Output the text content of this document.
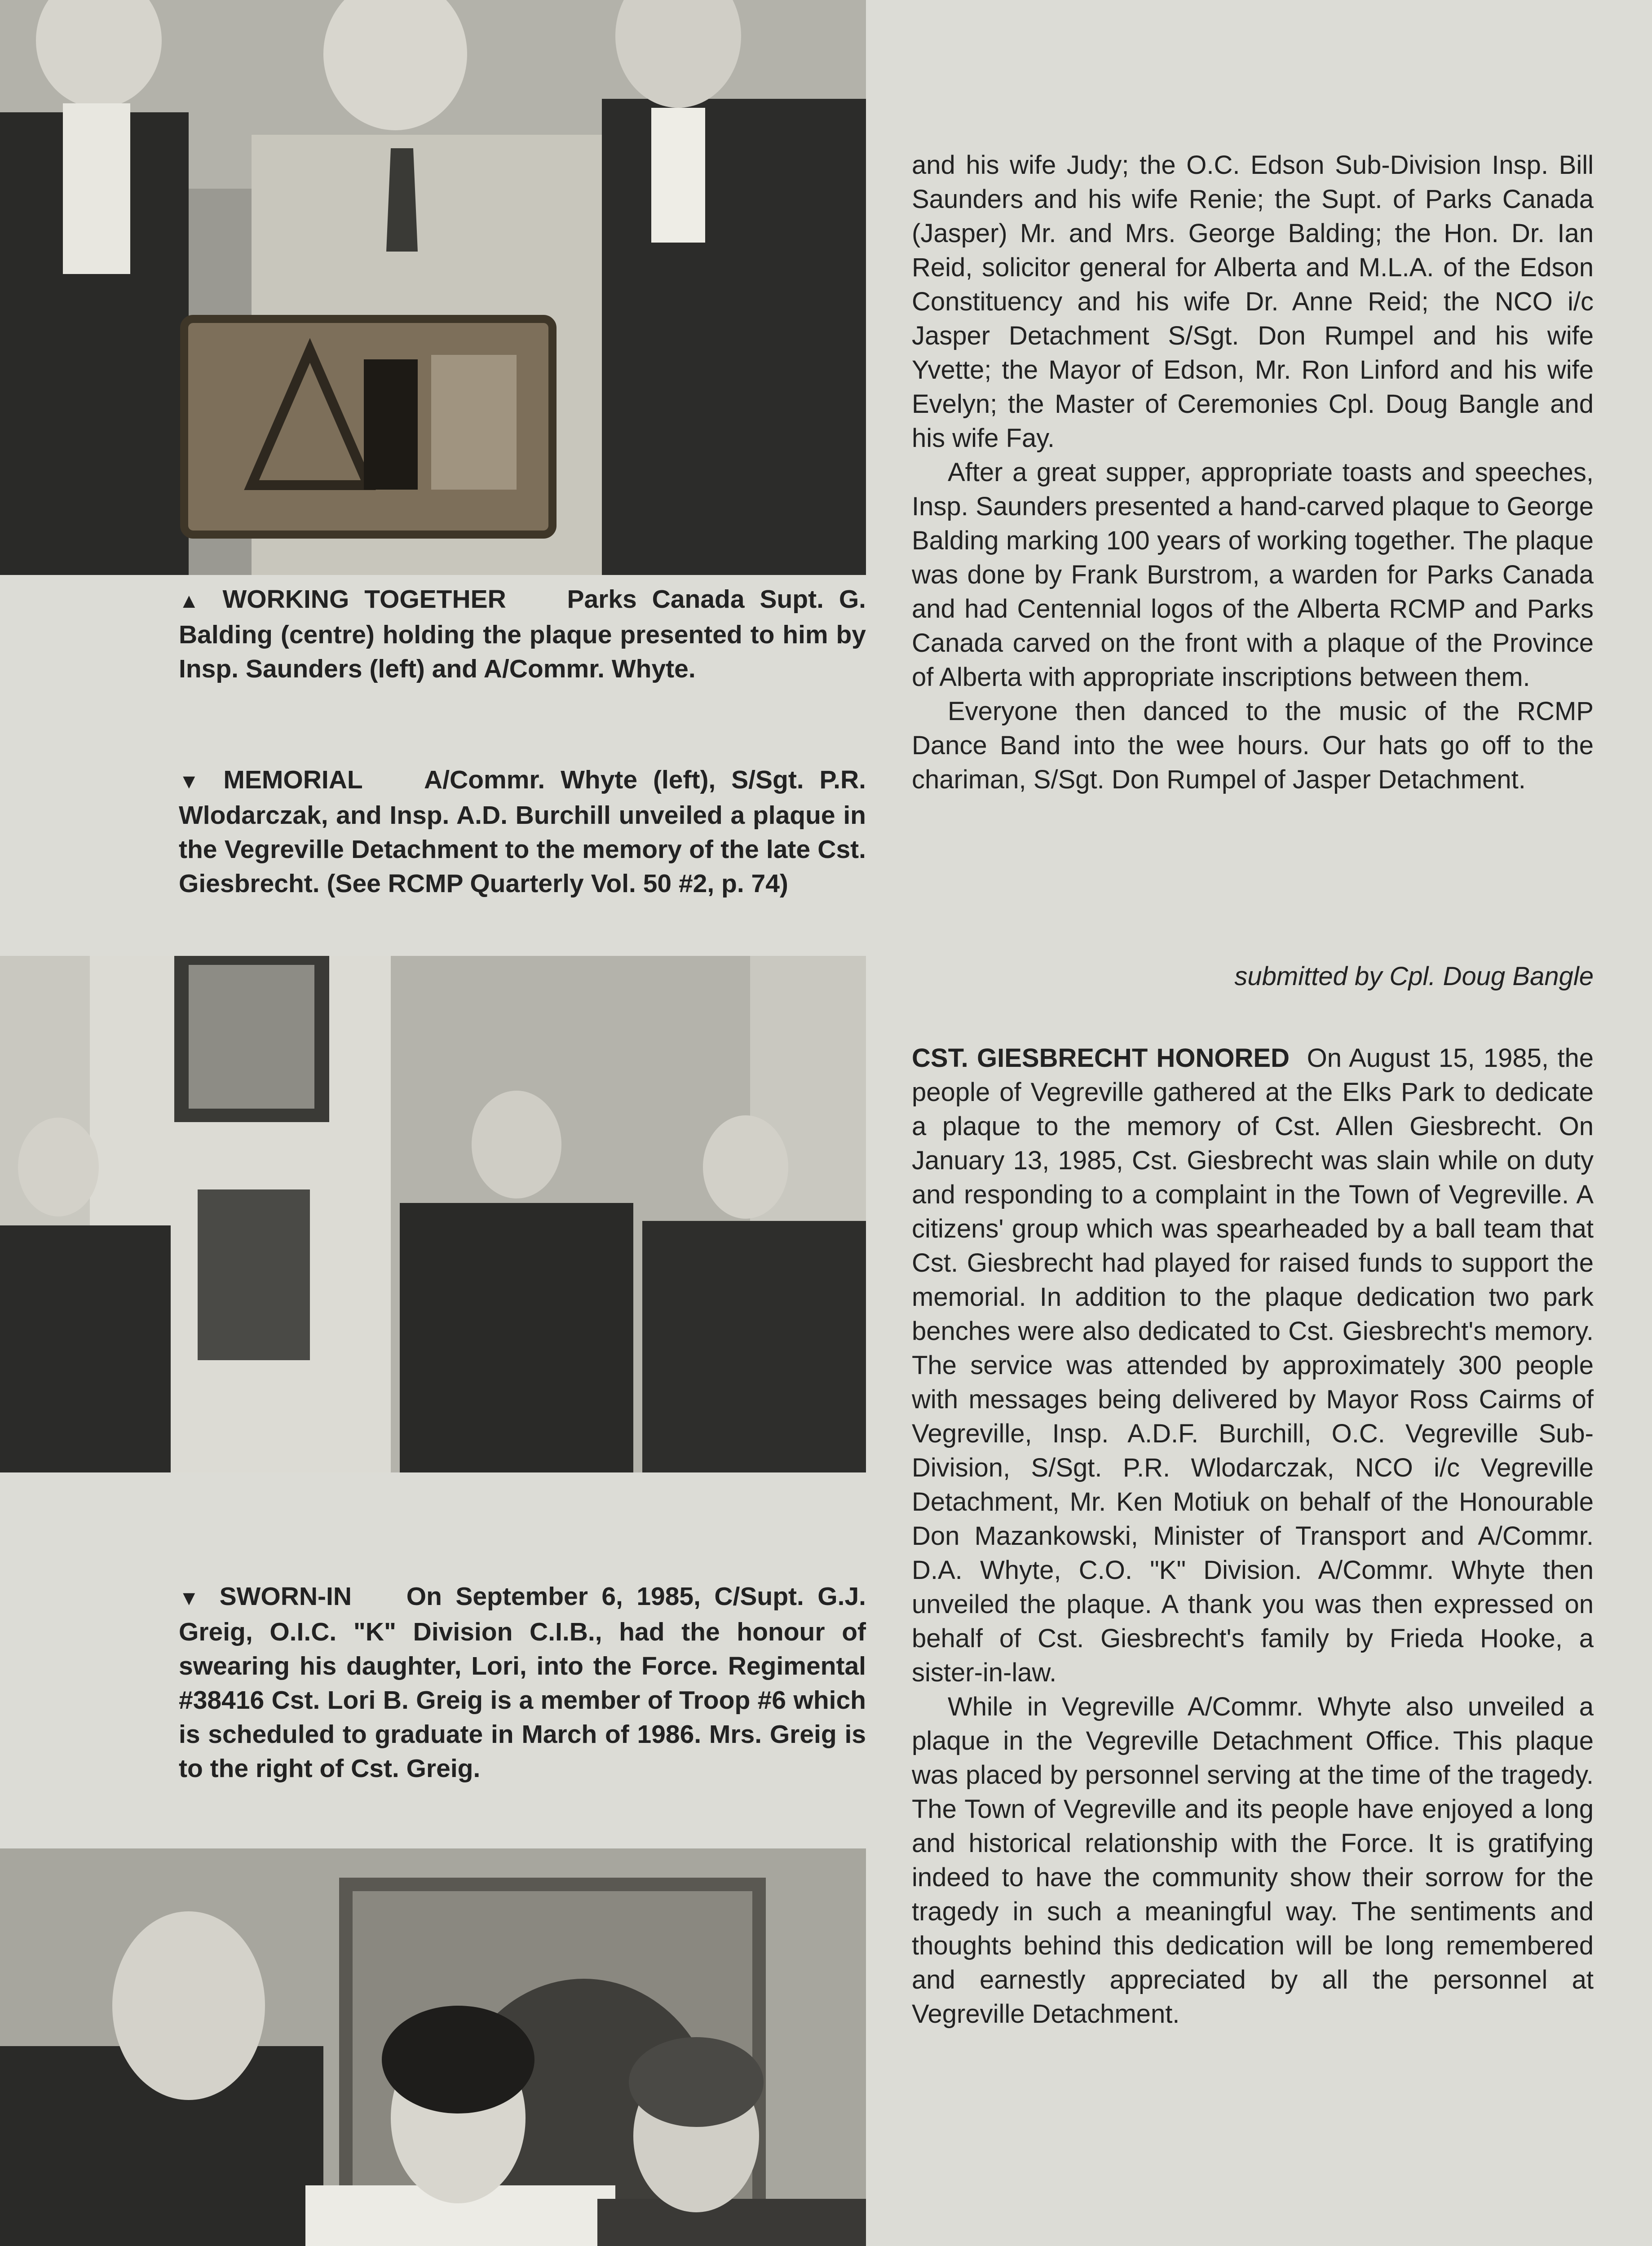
▲ WORKING TOGETHER Parks Canada Supt. G. Balding (centre) holding the plaque presented to him by Insp. Saunders (left) and A/Commr. Whyte.
▼ MEMORIAL A/Commr. Whyte (left), S/Sgt. P.R. Wlodarczak, and Insp. A.D. Burchill unveiled a plaque in the Vegreville Detachment to the memory of the late Cst. Giesbrecht. (See RCMP Quarterly Vol. 50 #2, p. 74)
▼ SWORN-IN On September 6, 1985, C/Supt. G.J. Greig, O.I.C. "K" Division C.I.B., had the honour of swearing his daughter, Lori, into the Force. Regimental #38416 Cst. Lori B. Greig is a member of Troop #6 which is scheduled to graduate in March of 1986. Mrs. Greig is to the right of Cst. Greig.

and his wife Judy; the O.C. Edson Sub-Division Insp. Bill Saunders and his wife Renie; the Supt. of Parks Canada (Jasper) Mr. and Mrs. George Balding; the Hon. Dr. Ian Reid, solicitor general for Alberta and M.L.A. of the Edson Constituency and his wife Dr. Anne Reid; the NCO i/c Jasper Detachment S/Sgt. Don Rumpel and his wife Yvette; the Mayor of Edson, Mr. Ron Linford and his wife Evelyn; the Master of Ceremonies Cpl. Doug Bangle and his wife Fay.

After a great supper, appropriate toasts and speeches, Insp. Saunders presented a hand-carved plaque to George Balding marking 100 years of working together. The plaque was done by Frank Burstrom, a warden for Parks Canada and had Centennial logos of the Alberta RCMP and Parks Canada carved on the front with a plaque of the Province of Alberta with appropriate inscriptions between them.

Everyone then danced to the music of the RCMP Dance Band into the wee hours. Our hats go off to the chariman, S/Sgt. Don Rumpel of Jasper Detachment.

submitted by Cpl. Doug Bangle

CST. GIESBRECHT HONORED On August 15, 1985, the people of Vegreville gathered at the Elks Park to dedicate a plaque to the memory of Cst. Allen Giesbrecht. On January 13, 1985, Cst. Giesbrecht was slain while on duty and responding to a complaint in the Town of Vegreville. A citizens' group which was spearheaded by a ball team that Cst. Giesbrecht had played for raised funds to support the memorial. In addition to the plaque dedication two park benches were also dedicated to Cst. Giesbrecht's memory. The service was attended by approximately 300 people with messages being delivered by Mayor Ross Cairms of Vegreville, Insp. A.D.F. Burchill, O.C. Vegreville Sub-Division, S/Sgt. P.R. Wlodarczak, NCO i/c Vegreville Detachment, Mr. Ken Motiuk on behalf of the Honourable Don Mazankowski, Minister of Transport and A/Commr. D.A. Whyte, C.O. "K" Division. A/Commr. Whyte then unveiled the plaque. A thank you was then expressed on behalf of Cst. Giesbrecht's family by Frieda Hooke, a sister-in-law.

While in Vegreville A/Commr. Whyte also unveiled a plaque in the Vegreville Detachment Office. This plaque was placed by personnel serving at the time of the tragedy. The Town of Vegreville and its people have enjoyed a long and historical relationship with the Force. It is gratifying indeed to have the community show their sorrow for the tragedy in such a meaningful way. The sentiments and thoughts behind this dedication will be long remembered and earnestly appreciated by all the personnel at Vegreville Detachment.
